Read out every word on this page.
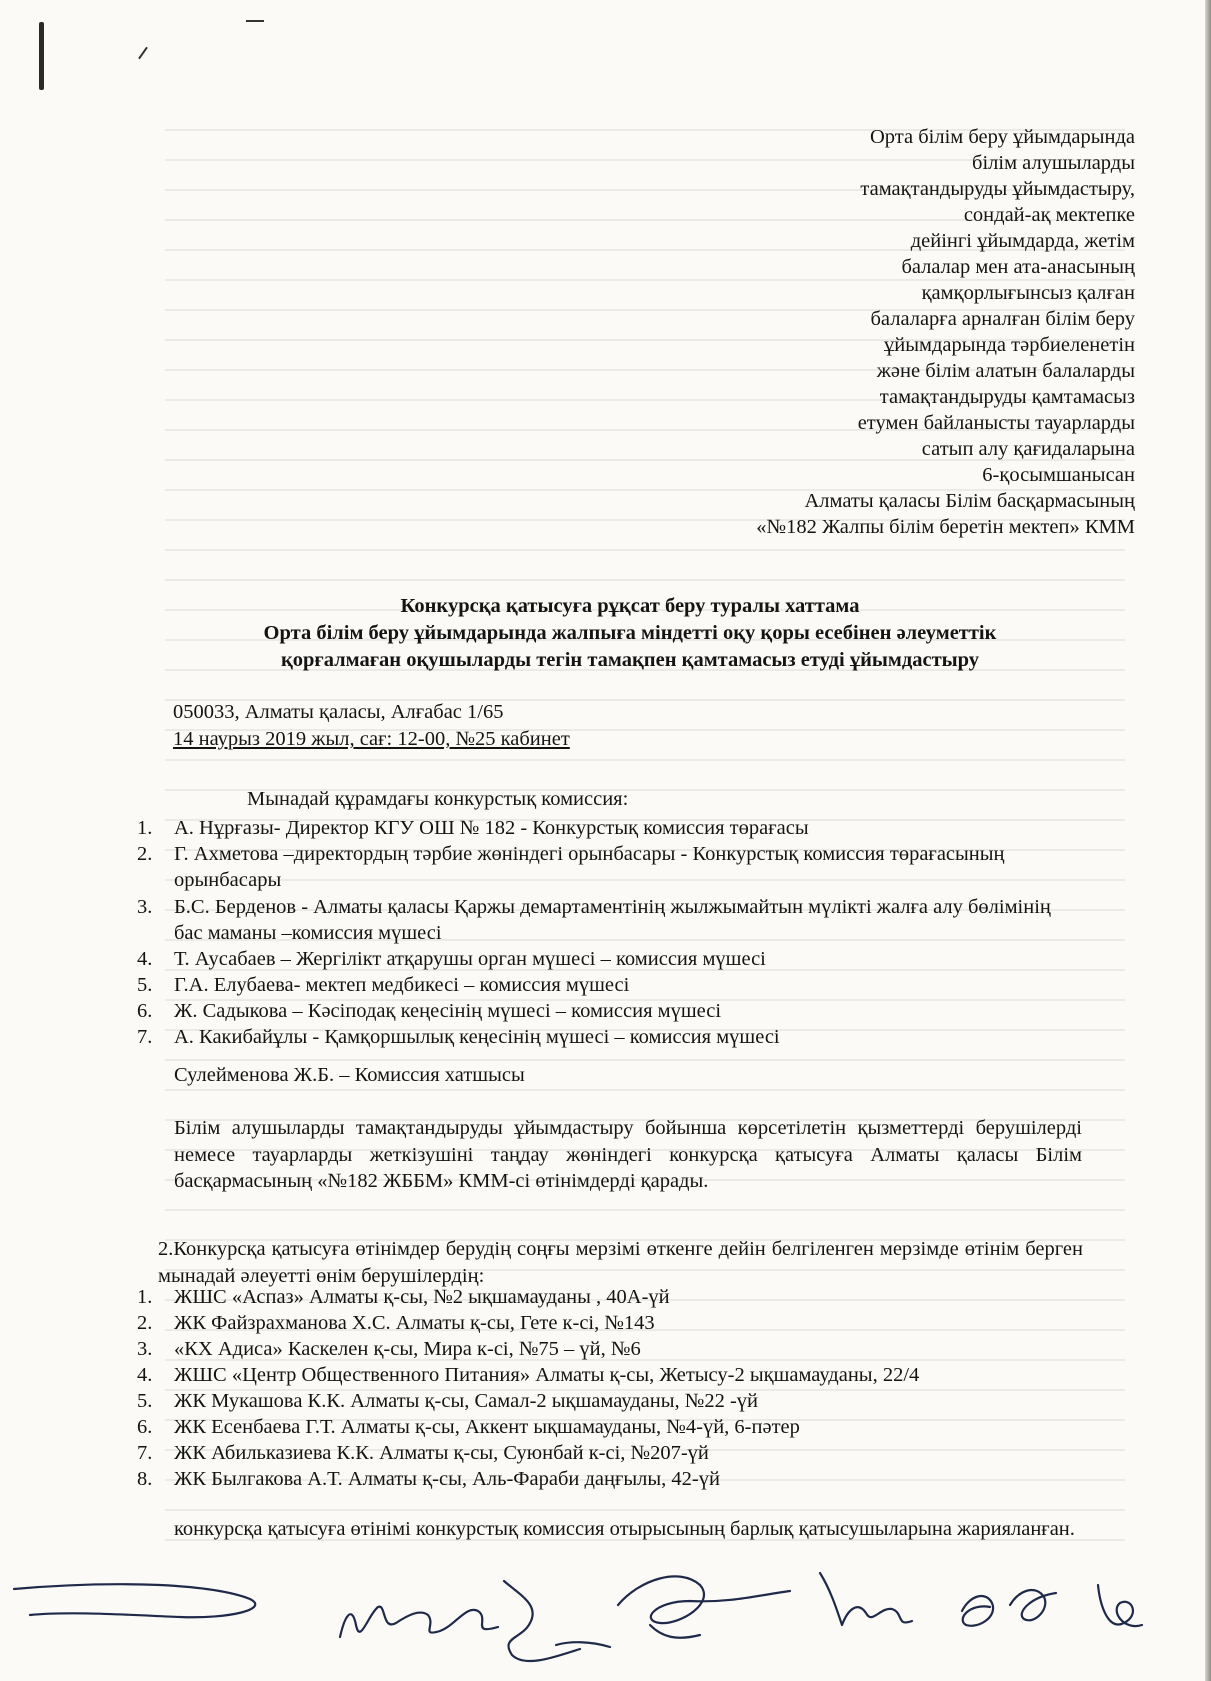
Орта білім беру ұйымдарында
білім алушыларды
тамақтандыруды ұйымдастыру,
сондай-ақ мектепке
дейінгі ұйымдарда, жетім
балалар мен ата-анасының
қамқорлығынсыз қалған
балаларға арналған білім беру
ұйымдарында тәрбиеленетін
және білім алатын балаларды
тамақтандыруды қамтамасыз
етумен байланысты тауарларды
сатып алу қағидаларына
6-қосымшанысан
Алматы қаласы Білім басқармасының
«№182 Жалпы білім беретін мектеп» КММ
Конкурсқа қатысуға рұқсат беру туралы хаттама
Орта білім беру ұйымдарында жалпыға міндетті оқу қоры есебінен әлеуметтік
қорғалмаған оқушыларды тегін тамақпен қамтамасыз етуді ұйымдастыру
050033, Алматы қаласы, Алғабас 1/65
14 наурыз 2019 жыл, сағ: 12-00, №25 кабинет
Мынадай құрамдағы конкурстық комиссия:
1. А. Нұрғазы- Директор КГУ ОШ № 182 - Конкурстық комиссия төрағасы
2. Г. Ахметова –директордың тәрбие жөніндегі орынбасары - Конкурстық комиссия төрағасының орынбасары
3. Б.С. Берденов - Алматы қаласы Қаржы демартаментінің жылжымайтын мүлікті жалға алу бөлімінің бас маманы –комиссия мүшесі
4. Т. Аусабаев – Жергілікт атқарушы орган мүшесі – комиссия мүшесі
5. Г.А. Елубаева- мектеп медбикесі – комиссия мүшесі
6. Ж. Садыкова – Кәсіподақ кеңесінің мүшесі – комиссия мүшесі
7. А. Какибайұлы - Қамқоршылық кеңесінің мүшесі – комиссия мүшесі
Сулейменова Ж.Б. – Комиссия хатшысы
Білім алушыларды тамақтандыруды ұйымдастыру бойынша көрсетілетін қызметтерді берушілерді немесе тауарларды жеткізушіні таңдау жөніндегі конкурсқа қатысуға Алматы қаласы Білім басқармасының «№182 ЖББМ» КММ-сі өтінімдерді қарады.
2.Конкурсқа қатысуға өтінімдер берудің соңғы мерзімі өткенге дейін белгіленген мерзімде өтінім берген мынадай әлеуетті өнім берушілердің:
1. ЖШС «Аспаз» Алматы қ-сы, №2 ықшамауданы , 40А-үй
2. ЖК Файзрахманова Х.С. Алматы қ-сы, Гете к-сі, №143
3. «КХ Адиса» Каскелен қ-сы, Мира к-сі, №75 – үй, №6
4. ЖШС «Центр Общественного Питания» Алматы қ-сы, Жетысу-2 ықшамауданы, 22/4
5. ЖК Мукашова К.К. Алматы қ-сы, Самал-2 ықшамауданы, №22 -үй
6. ЖК Есенбаева Г.Т. Алматы қ-сы, Аккент ықшамауданы, №4-үй, 6-пәтер
7. ЖК Абильказиева К.К. Алматы қ-сы, Суюнбай к-сі, №207-үй
8. ЖК Былгакова А.Т. Алматы қ-сы, Аль-Фараби даңғылы, 42-үй
конкурсқа қатысуға өтінімі конкурстық комиссия отырысының барлық қатысушыларына жарияланған.
